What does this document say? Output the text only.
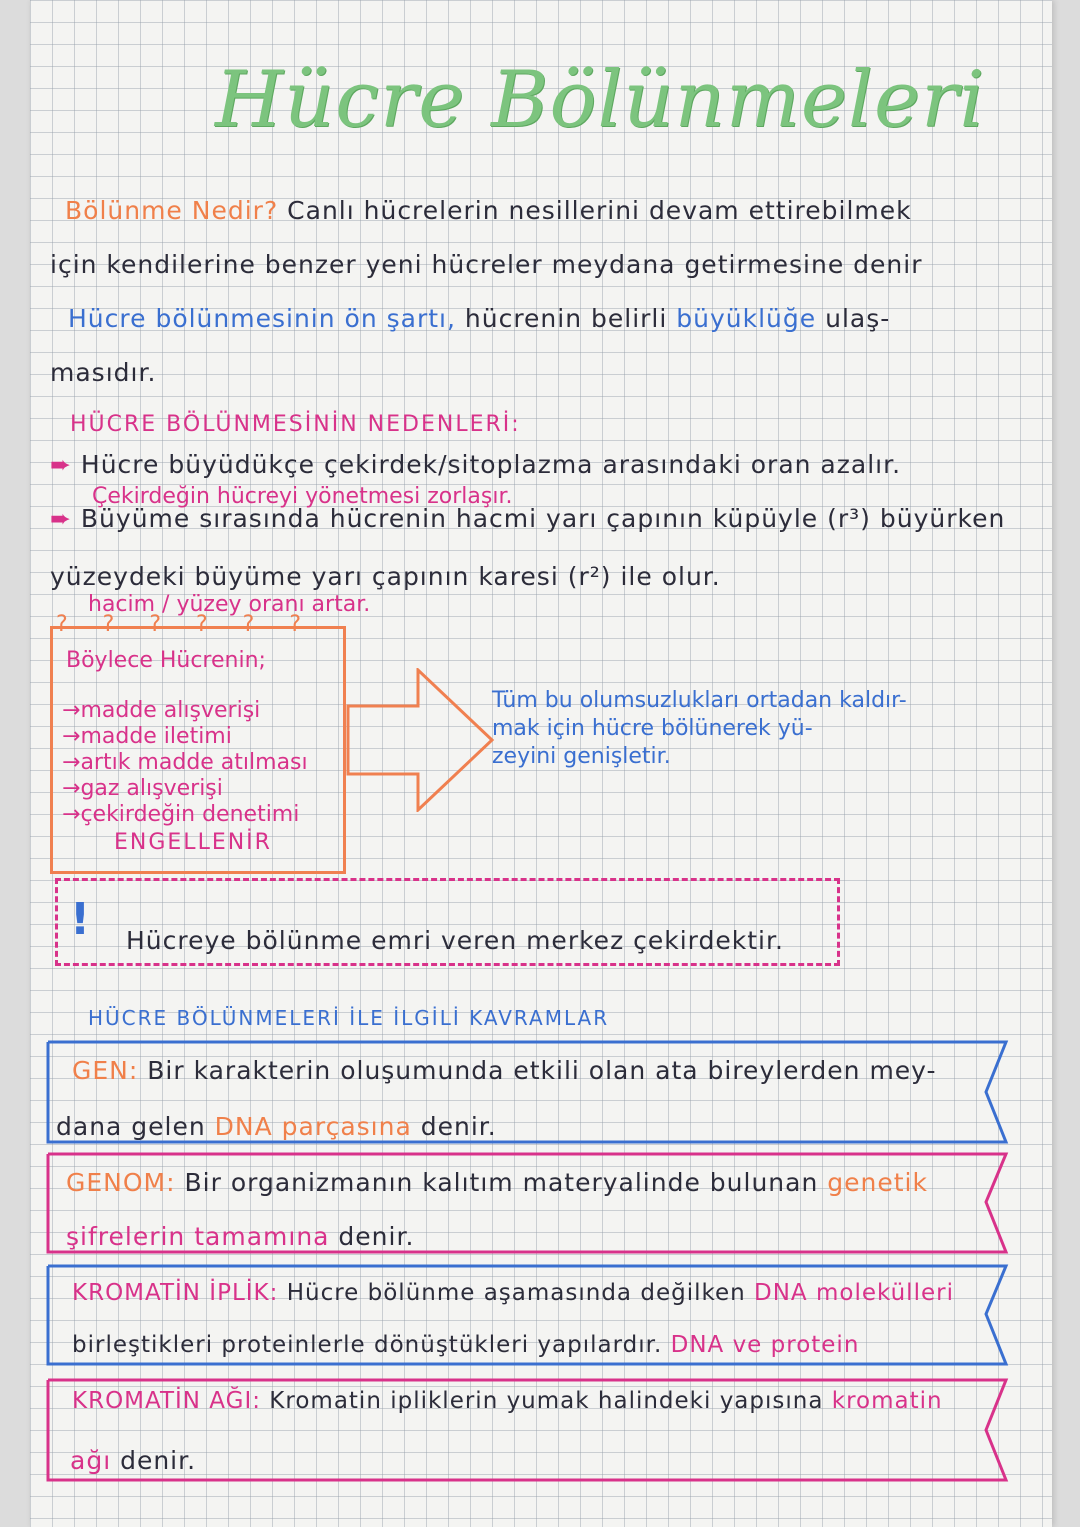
Hücre Bölünmeleri
Bölünme Nedir? Canlı hücrelerin nesillerini devam ettirebilmek
için kendilerine benzer yeni hücreler meydana getirmesine denir
Hücre bölünmesinin ön şartı, hücrenin belirli büyüklüğe ulaş-
masıdır.
HÜCRE BÖLÜNMESİNİN NEDENLERİ:
➨ Hücre büyüdükçe çekirdek/sitoplazma arasındaki oran azalır.
Çekirdeğin hücreyi yönetmesi zorlaşır.
➨ Büyüme sırasında hücrenin hacmi yarı çapının küpüyle (r³) büyürken
yüzeydeki büyüme yarı çapının karesi (r²) ile olur.
hacim / yüzey oranı artar.
? ? ? ? ? ?
Böylece Hücrenin;
→madde alışverişi
→madde iletimi
→artık madde atılması
→gaz alışverişi
→çekirdeğin denetimi
ENGELLENİR
Tüm bu olumsuzlukları ortadan kaldır-
mak için hücre bölünerek yü-
zeyini genişletir.
! Hücreye bölünme emri veren merkez çekirdektir.
HÜCRE BÖLÜNMELERİ İLE İLGİLİ KAVRAMLAR
GEN: Bir karakterin oluşumunda etkili olan ata bireylerden mey-
dana gelen DNA parçasına denir.
GENOM: Bir organizmanın kalıtım materyalinde bulunan genetik
şifrelerin tamamına denir.
KROMATİN İPLİK: Hücre bölünme aşamasında değilken DNA molekülleri
birleştikleri proteinlerle dönüştükleri yapılardır. DNA ve protein
KROMATİN AĞI: Kromatin ipliklerin yumak halindeki yapısına kromatin
ağı denir.
